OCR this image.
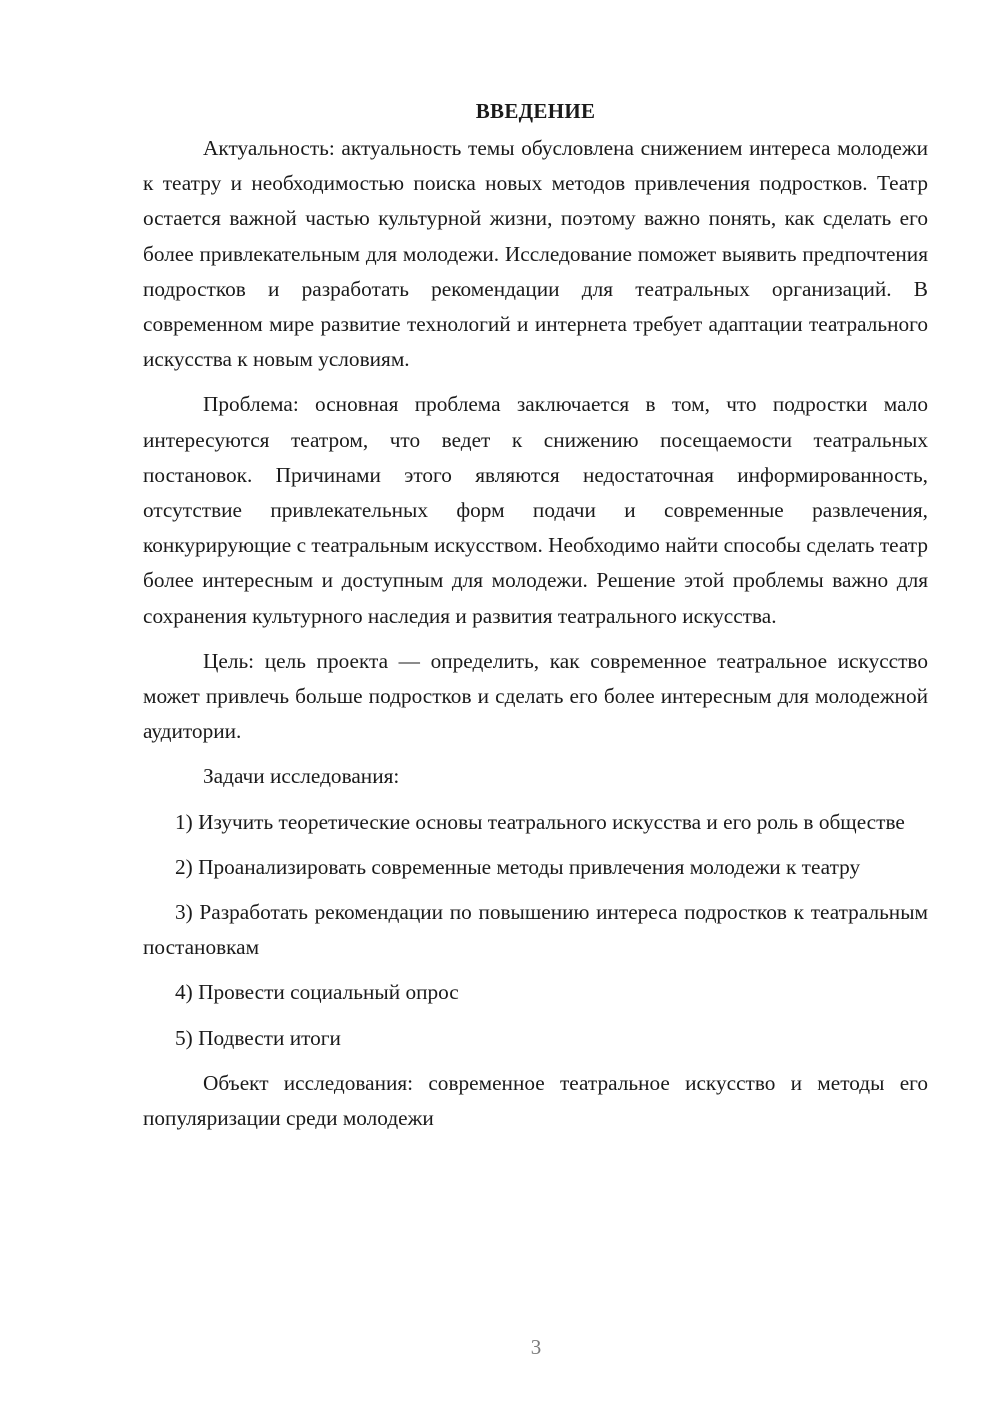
ВВЕДЕНИЕ

Актуальность: актуальность темы обусловлена снижением интереса молодежи к театру и необходимостью поиска новых методов привлечения подростков. Театр остается важной частью культурной жизни, поэтому важно понять, как сделать его более привлекательным для молодежи. Исследование поможет выявить предпочтения подростков и разработать рекомендации для театральных организаций. В современном мире развитие технологий и интернета требует адаптации театрального искусства к новым условиям.

Проблема: основная проблема заключается в том, что подростки мало интересуются театром, что ведет к снижению посещаемости театральных постановок. Причинами этого являются недостаточная информированность, отсутствие привлекательных форм подачи и современные развлечения, конкурирующие с театральным искусством. Необходимо найти способы сделать театр более интересным и доступным для молодежи. Решение этой проблемы важно для сохранения культурного наследия и развития театрального искусства.

Цель: цель проекта — определить, как современное театральное искусство может привлечь больше подростков и сделать его более интересным для молодежной аудитории.

Задачи исследования:

1) Изучить теоретические основы театрального искусства и его роль в обществе

2) Проанализировать современные методы привлечения молодежи к театру

3) Разработать рекомендации по повышению интереса подростков к театральным постановкам

4) Провести социальный опрос

5) Подвести итоги

Объект исследования: современное театральное искусство и методы его популяризации среди молодежи

3
